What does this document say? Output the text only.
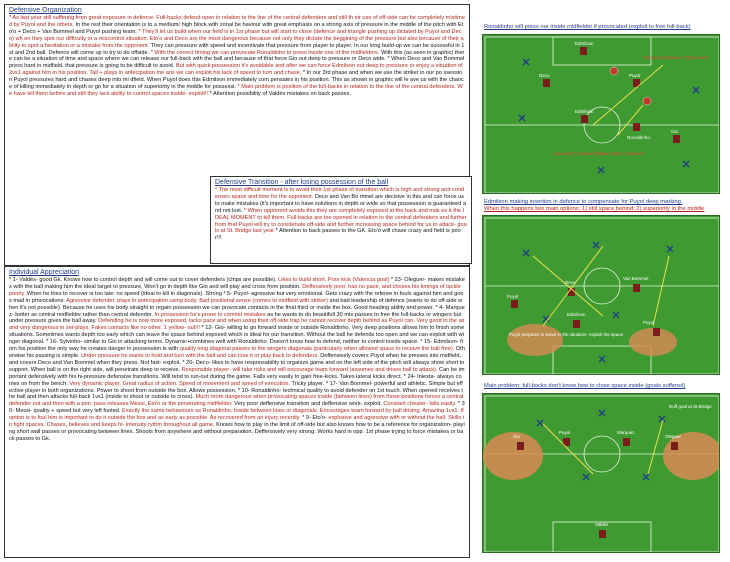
Defensive Organization

* As last year still suffering from great exposure in defence. Full-backs defend open in relation to the line of the central defenders and still th eir use of off-side can be completely mistimed by Puyol and the others. In the rest their orientation is to a medium/ high block with zonal be haviour with great emphasis on a strong axis of pressure in the middle of the pitch with Eto'o + Deco + Van Bommel and Puyol pushing team. * They'll let us build when our field is in 1st phase but will start to close (defence and triangle pushing up dictated by Puyol and Deco) wh en they spot our difficulty or a miscontrol situation. Eto'o and Deco are the most dangerous because not only they dictate the beggining of the pressure but also because of their ability to spot a hesitation or a mistake from the opponent. They can pressure with speed and incentivate that pressure from player to player. In our long build-up we can be sucessful in 1st and 2nd ball. Defence will come up to try to do offside. * With the correct timing we can provocate Ronaldinho to press inside one of the midfielders. With this (as seen in graphic) there can be a situation of time and space where we can release our full-back with the ball and because of that force Gio out deep to pressure or Deco wide. * When Deco and Van Bommel press hard in midfield, that pressure is going to be difficult to avoid. But with quick possession it's avoidable and after we can force Edmilson out deep to pressure or enjoy a situation of 2vs1 against him in his position. Tall + plays in antecipation me ans we can exploit his lack of speed to turn and chase. * In our 3rd phase and when we use the striker in our po ssession Puyol pressures hard and chases deep into mi dfield. When Puyol does this Edmilson immediately com pensates in his position. This as shown in graphic will le ave us with the chance of killing immediately in depth or go for a situation of superiority in the middle for possessi. * Main problem is position of the full-backs in relation to the line of the central defenders. We have kill them before and still they lack ability to control spaces inside- exploit!! * Attention possibility of Valdés mistakes on back passes.

Defensive Transition - after losing possession of the ball

* The most difficult moment is to avoid their 1st phase of transition which is high and strong and condenses space and time for the opponent. Deco and Van Bo mmel are decisive in this and can force us to make mistakes (it's important to have solutions in depth or wide so that possession is guaranteed and not lost. * When opponent avoids this they are completely exposed at the back and mak es it the IDEAL MOMENT to kill them. Full-backs are too opened in relation to the central defenders and further from that Puyol will try to coordenate off-side and further increasing space behind for us to attack- goals at St. Bridge last year * Attention to back passes to the GK. Eto'o will chase crazy and field is poor!!!

Individual Appreciation

* 1- Valdés- good Gk. Knows how to control depth and will come out to cover defenders (chips are possible). Likes to build short. Poor kick (Valencia goal) * 23- Oleguer- makes mistakes with the ball making him the ideal target to pressure. Won't go in depth like Gio and will play and cross from position. Deffensively poor, has no pace, and choses his timings of tackle poorly. When he tries to recover is too late: no speed (ideal to kill in diagonals). Strong * 5- Puyol- agressive but very emotional. Gets crazy with the referee in fouls against him and goes mad in provocations. Agressive defender, plays in antecipation using body. Bad positional sense (comes to midfield with striker) and bad leadership of defence (wants to do off-side when it's not possible). Because he uses his body straight to regain possession we can provocate contacts in the final third or inside the box. Good heading ability and power. * 4- Marquez- better as central midfielder rather than central defender. In possession he's prone to commit mistakes as he wants to do beautifull 30 mts passes to free the full-backs or wingers but under pressure gives the ball away. Defending he is now more exposed, lacks pace and when using their off-side trap he cannot recover depth behind as Puyol can. Very good in the air and very dangerous in set-plays. Fakes contacts like no other. 1 yellow- out!!! * 12- Gio- willing to go forward inside or outside Ronaldinho. Very deep positions allows him to finish some situations. Sometimes wants depth too early which can leave the space behind exposed which is ideal for our transition. Without the ball he defends too open and we can exploit with winger diagonal. * 16- Sylvinho- similar to Gio in attacking terms. Dynamic+combines well with Ronaldinho. Doesn't know how to defend, neither to control inside space. * 15- Edmilson- from his position the only way he creates danger in possession is with quality long diagonal passes to the wingers diagonals (particularly when allowed space to receive the ball free). Otherwise his passing is simple. Under pressure he wants to hold and turn with the ball and can lose it or play back to defenders. Deffensively covers Puyol when he presses into midfield, and covers Deco and Van Bommel when they press. Not fast- exploit. * 20- Deco- likes to have responsability to organize game and on the left side of the pitch will always show short to support. When ball is on the right side, will penetrate deep to receive. Responsible player- will take risks and will encourage team forward (assumes and drives ball to attack). Can be important defensively with his hi-pressure defensive transitions. Will tend to run-out during the game. Falls very easily to gain free-kicks. Takes lateral kicks direct. * 24- Iniesta- always comes on from the bench. Very dynamic player. Great radius of action. Speed of movement and speed of execution. Tricky player. * 17- Van Bommel- powerful and athletic. Simple but effective player in both organizations. Power to shoot from outside the box. Allows possession. * 10- Ronaldinho- technical quality to avoid defender on 1st touch. When opened receives the ball and then attacks full-back 1vs1 (inside to shoot or outside to cross). Much more dangerous when provocating spaces inside (between lines) from those positions forces a central defender out and then with a pen. pass releases Messi, Eto'o or the penetrating midfielder. Very poor deffensive transition and deffensive work- exploit. Constant cheater- falls easily. * 30- Messi- quality + speed but very left footed. Exactly the same behaviours as Ronaldinho. Inside between lines or diagonals. Encourages team forward by ball driving. Amazing 1vs1. If option is to foul him is important to do it outside the box and as early as possible. As recovered from an injury recently. * 9- Eto'o- explosive and agressive with or without the ball. Skills in tight spaces. Chases, believes and keeps hi- intensity rythm throughout all game. Knows how to play in the limit of off-side but also knows how to be a reference for organization- playing short wall passes or provocating between lines. Shoots from anywhere and without preparation. Deffensively very strong. Works hard in opp. 1st phase trying to force mistakes or back passes to Gk.

Ronaldinho will press our inside midfielder if provocated (exploit to free full-back)
Edmilson
Deco	Puyol
Ronaldinho
Forced to pressure or Deco wide
Important to release fullback when in situation
Edmilson
Gio
Edmilson making insertion in defence to compensate for Puyol deep marking.
When this happens two main options: 1) still space behind; 2) superiority in the middle
Puyol
Edmilson
Deco
Van Bommel
Puyol prepares to leave in the situation- exploit the space
Puyol
Main problem: full-backs don't know how to close space inside (goals suffered)
Gio
Puyol	Marquez
Oleguer
Duff goal at St.Bridge
Valdés
